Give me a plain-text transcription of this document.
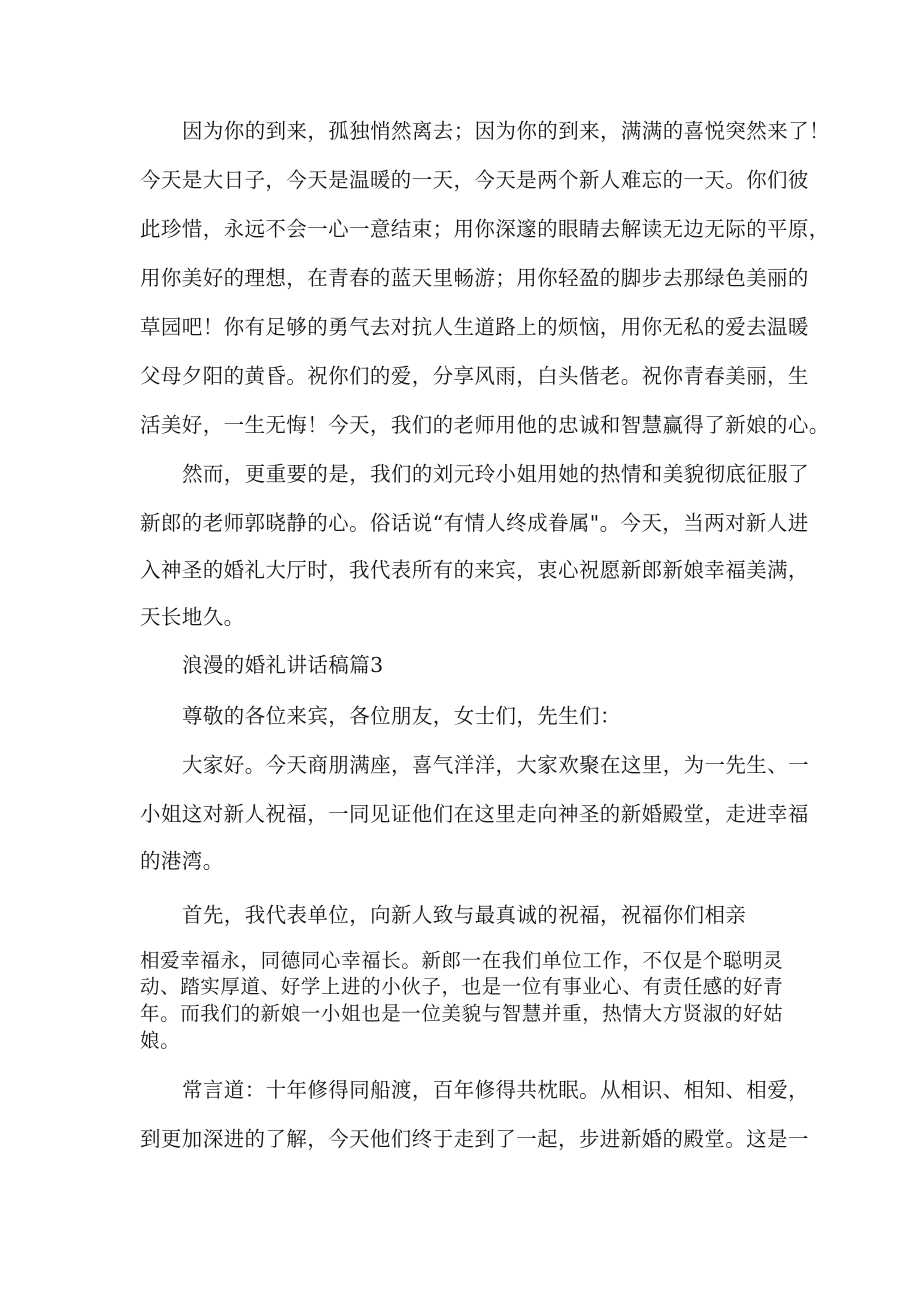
因为你的到来，孤独悄然离去；因为你的到来，满满的喜悦突然来了！
今天是大日子，今天是温暖的一天，今天是两个新人难忘的一天。你们彼
此珍惜，永远不会一心一意结束；用你深邃的眼睛去解读无边无际的平原，
用你美好的理想，在青春的蓝天里畅游；用你轻盈的脚步去那绿色美丽的
草园吧！你有足够的勇气去对抗人生道路上的烦恼，用你无私的爱去温暖
父母夕阳的黄昏。祝你们的爱，分享风雨，白头偕老。祝你青春美丽，生
活美好，一生无悔！今天，我们的老师用他的忠诚和智慧赢得了新娘的心。
然而，更重要的是，我们的刘元玲小姐用她的热情和美貌彻底征服了
新郎的老师郭晓静的心。俗话说“有情人终成眷属"。今天，当两对新人进
入神圣的婚礼大厅时，我代表所有的来宾，衷心祝愿新郎新娘幸福美满，
天长地久。
浪漫的婚礼讲话稿篇3
尊敬的各位来宾，各位朋友，女士们，先生们：
大家好。今天商朋满座，喜气洋洋，大家欢聚在这里，为一先生、一
小姐这对新人祝福，一同见证他们在这里走向神圣的新婚殿堂，走进幸福
的港湾。
首先，我代表单位，向新人致与最真诚的祝福，祝福你们相亲
相爱幸福永，同德同心幸福长。新郎一在我们单位工作，不仅是个聪明灵
动、踏实厚道、好学上进的小伙子，也是一位有事业心、有责任感的好青
年。而我们的新娘一小姐也是一位美貌与智慧并重，热情大方贤淑的好姑
娘。
常言道：十年修得同船渡，百年修得共枕眠。从相识、相知、相爱，
到更加深进的了解，今天他们终于走到了一起，步进新婚的殿堂。这是一
